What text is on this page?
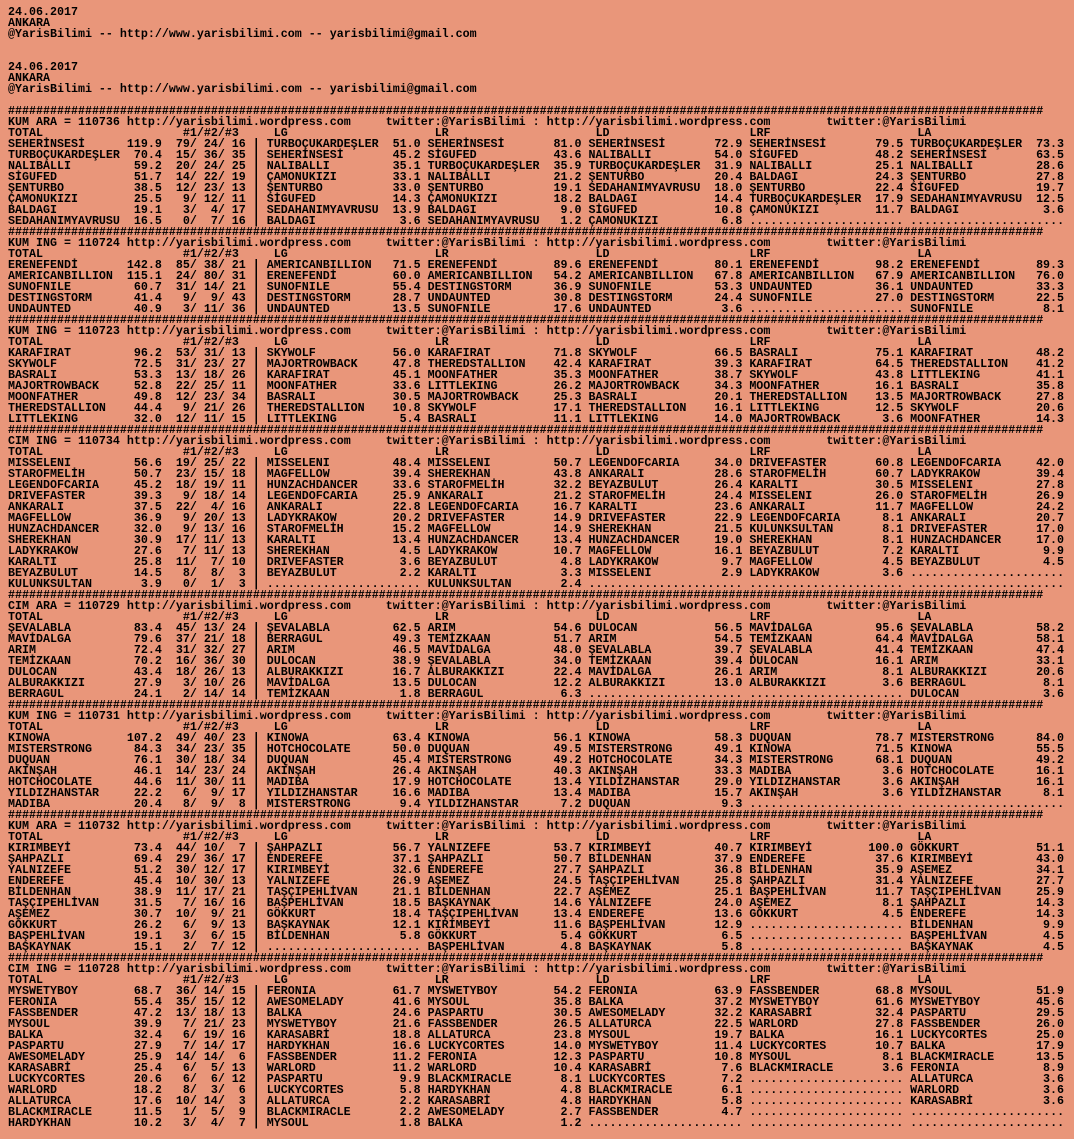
24.06.2017
ANKARA
@YarisBilimi -- http://www.yarisbilimi.com -- yarisbilimi@gmail.com
24.06.2017
ANKARA
@YarisBilimi -- http://www.yarisbilimi.com -- yarisbilimi@gmail.com
####################################################################################################################################################
KUM ARA = 110736 http://yarisbilimi.wordpress.com	twitter:@YarisBilimi : http://yarisbilimi.wordpress.com	twitter:@YarisBilimi
TOTAL	#1/#2/#3	LG	LR	LD	LRF	LA
SEHERİNSESİ	119.9 79/ 24/ 16 | TURBOÇUKARDEŞLER 51.0 SEHERİNSESİ	81.0 SEHERİNSESİ	72.9 SEHERİNSESİ	79.5 TURBOÇUKARDEŞLER 73.3
TURBOÇUKARDEŞLER 70.4 15/ 36/ 35 | SEHERİNSESİ	45.2 SİGUFED	43.6 NALIBALLI	54.0 SİGUFED	48.2 SEHERİNSESİ	63.5
NALIBALLI	59.2 20/ 24/ 25 | NALIBALLI	35.1 TURBOÇUKARDEŞLER 35.9 TURBOÇUKARDEŞLER 31.9 NALIBALLI	25.1 NALIBALLI	28.6
SİGUFED	51.7 14/ 22/ 19 | ÇAMONUKIZI	33.1 NALIBALLI	21.2 ŞENTURBO	20.4 BALDAGI	24.3 ŞENTURBO	27.8
ŞENTURBO	38.5 12/ 23/ 13 | ŞENTURBO	33.0 ŞENTURBO	19.1 SEDAHANIMYAVRUSU 18.0 ŞENTURBO	22.4 SİGUFED	19.7
ÇAMONUKIZI	25.5 9/ 12/ 11 | SİGUFED	14.3 ÇAMONUKIZI	18.2 BALDAGI	14.4 TURBOÇUKARDEŞLER 17.9 SEDAHANIMYAVRUSU 12.5
BALDAGI	19.1 3/ 4/ 17 | SEDAHANIMYAVRUSU 13.9 BALDAGI	9.0 SİGUFED	10.8 ÇAMONUKIZI	11.7 BALDAGI	3.6
SEDAHANIMYAVRUSU 16.5 0/ 7/ 16 | BALDAGI	3.6 SEDAHANIMYAVRUSU 1.2 ÇAMONUKIZI	6.8 ...................... ......................
####################################################################################################################################################
KUM ING = 110724 http://yarisbilimi.wordpress.com	twitter:@YarisBilimi : http://yarisbilimi.wordpress.com	twitter:@YarisBilimi
TOTAL	#1/#2/#3	LG	LR	LD	LRF	LA
ERENEFENDİ	142.8 85/ 38/ 21 | AMERICANBILLION 71.5 ERENEFENDİ	89.6 ERENEFENDİ	80.1 ERENEFENDİ	98.2 ERENEFENDİ	89.3
AMERICANBILLION 115.1 24/ 80/ 31 | ERENEFENDİ	60.0 AMERICANBILLION 54.2 AMERICANBILLION 67.8 AMERICANBILLION 67.9 AMERICANBILLION 76.0
SUNOFNILE	60.7 31/ 14/ 21 | SUNOFNILE	55.4 DESTINGSTORM	36.9 SUNOFNILE	53.3 UNDAUNTED	36.1 UNDAUNTED	33.3
DESTINGSTORM	41.4 9/ 9/ 43 | DESTINGSTORM	28.7 UNDAUNTED	30.8 DESTINGSTORM	24.4 SUNOFNILE	27.0 DESTINGSTORM	22.5
UNDAUNTED	40.9 3/ 11/ 36 | UNDAUNTED	13.5 SUNOFNILE	17.6 UNDAUNTED	3.6 ...................... SUNOFNILE	8.1
####################################################################################################################################################
KUM ING = 110723 http://yarisbilimi.wordpress.com	twitter:@YarisBilimi : http://yarisbilimi.wordpress.com	twitter:@YarisBilimi
TOTAL	#1/#2/#3	LG	LR	LD	LRF	LA
KARAFIRAT	96.2 53/ 31/ 13 | SKYWOLF	56.0 KARAFIRAT	71.8 SKYWOLF	66.5 BASRALI	75.1 KARAFIRAT	48.2
SKYWOLF	72.5 31/ 23/ 27 | MAJORTROWBACK	47.8 THEREDSTALLION 42.4 KARAFIRAT	39.3 KARAFIRAT	64.5 THEREDSTALLION 41.2
BASRALI	53.3 13/ 18/ 26 | KARAFIRAT	45.1 MOONFATHER	35.3 MOONFATHER	38.7 SKYWOLF	43.8 LITTLEKING	41.1
MAJORTROWBACK	52.8 22/ 25/ 11 | MOONFATHER	33.6 LITTLEKING	26.2 MAJORTROWBACK	34.3 MOONFATHER	16.1 BASRALI	35.8
MOONFATHER	49.8 12/ 23/ 34 | BASRALI	30.5 MAJORTROWBACK	25.3 BASRALI	20.1 THEREDSTALLION 13.5 MAJORTROWBACK	27.8
THEREDSTALLION 44.4 9/ 21/ 26 | THEREDSTALLION 10.8 SKYWOLF	17.1 THEREDSTALLION 16.1 LITTLEKING	12.5 SKYWOLF	20.6
LITTLEKING	32.0 12/ 11/ 15 | LITTLEKING	5.4 BASRALI	11.1 LITTLEKING	14.0 MAJORTROWBACK	3.6 MOONFATHER	14.3
####################################################################################################################################################
CIM ING = 110734 http://yarisbilimi.wordpress.com	twitter:@YarisBilimi : http://yarisbilimi.wordpress.com	twitter:@YarisBilimi
TOTAL	#1/#2/#3	LG	LR	LD	LRF	LA
MISSELENI	56.6 19/ 25/ 22 | MISSELENI	48.4 MISSELENI	50.7 LEGENDOFCARIA	34.0 DRIVEFASTER	60.8 LEGENDOFCARIA	42.0
STAROFMELİH	50.7 23/ 15/ 18 | MAGFELLOW	39.4 SHEREKHAN	43.8 ANKARALI	28.6 STAROFMELİH	60.7 LADYKRAKOW	39.4
LEGENDOFCARIA	45.2 18/ 19/ 11 | HUNZACHDANCER	33.6 STAROFMELİH	32.2 BEYAZBULUT	26.4 KARALTI	30.5 MISSELENI	27.8
DRIVEFASTER	39.3 9/ 18/ 14 | LEGENDOFCARIA	25.9 ANKARALI	21.2 STAROFMELİH	24.4 MISSELENI	26.0 STAROFMELİH	26.9
ANKARALI	37.5 22/ 4/ 16 | ANKARALI	22.8 LEGENDOFCARIA	16.7 KARALTI	23.6 ANKARALI	11.7 MAGFELLOW	24.2
MAGFELLOW	36.9 9/ 20/ 13 | LADYKRAKOW	20.2 DRIVEFASTER	14.9 DRIVEFASTER	22.9 LEGENDOFCARIA	8.1 ANKARALI	20.7
HUNZACHDANCER	32.0 9/ 13/ 16 | STAROFMELİH	15.2 MAGFELLOW	14.9 SHEREKHAN	21.5 KULUNKSULTAN	8.1 DRIVEFASTER	17.0
SHEREKHAN	30.9 17/ 11/ 13 | KARALTI	13.4 HUNZACHDANCER	13.4 HUNZACHDANCER	19.0 SHEREKHAN	8.1 HUNZACHDANCER	17.0
LADYKRAKOW	27.6 7/ 11/ 13 | SHEREKHAN	4.5 LADYKRAKOW	10.7 MAGFELLOW	16.1 BEYAZBULUT	7.2 KARALTI	9.9
KARALTI	25.8 11/ 7/ 10 | DRIVEFASTER	3.6 BEYAZBULUT	4.8 LADYKRAKOW	9.7 MAGFELLOW	4.5 BEYAZBULUT	4.5
BEYAZBULUT	14.5 8/ 8/ 3 | BEYAZBULUT	2.2 KARALTI	3.3 MISSELENI	2.9 LADYKRAKOW	3.6 ......................
KULUNKSULTAN	3.9 0/ 1/ 3 | ...................... KULUNKSULTAN	2.4 ...................... ...................... ......................
####################################################################################################################################################
CIM ARA = 110729 http://yarisbilimi.wordpress.com	twitter:@YarisBilimi : http://yarisbilimi.wordpress.com	twitter:@YarisBilimi
TOTAL	#1/#2/#3	LG	LR	LD	LRF	LA
ŞEVALABLA	83.4 45/ 13/ 24 | ŞEVALABLA	62.5 ARIM	54.6 DULOCAN	56.5 MAVİDALGA	95.6 ŞEVALABLA	58.2
MAVİDALGA	79.6 37/ 21/ 18 | BERRAGUL	49.3 TEMİZKAAN	51.7 ARIM	54.5 TEMİZKAAN	64.4 MAVİDALGA	58.1
ARIM	72.4 31/ 32/ 27 | ARIM	46.5 MAVİDALGA	48.0 ŞEVALABLA	39.7 ŞEVALABLA	41.4 TEMİZKAAN	47.4
TEMİZKAAN	70.2 16/ 36/ 30 | DULOCAN	38.9 ŞEVALABLA	34.0 TEMİZKAAN	39.4 DULOCAN	16.1 ARIM	33.1
DULOCAN	43.4 18/ 26/ 13 | ALBURAKKIZI	16.7 ALBURAKKIZI	22.4 MAVİDALGA	26.1 ARIM	8.1 ALBURAKKIZI	20.6
ALBURAKKIZI	27.9 3/ 10/ 26 | MAVİDALGA	13.5 DULOCAN	12.2 ALBURAKKIZI	13.0 ALBURAKKIZI	3.6 BERRAGUL	8.1
BERRAGUL	24.1 2/ 14/ 14 | TEMİZKAAN	1.8 BERRAGUL	6.3 ...................... ...................... DULOCAN	3.6
####################################################################################################################################################
KUM ING = 110731 http://yarisbilimi.wordpress.com	twitter:@YarisBilimi : http://yarisbilimi.wordpress.com	twitter:@YarisBilimi
TOTAL	#1/#2/#3	LG	LR	LD	LRF	LA
KINOWA	107.2 49/ 40/ 23 | KINOWA	63.4 KINOWA	56.1 KINOWA	58.3 DUQUAN	78.7 MISTERSTRONG	84.0
MISTERSTRONG	84.3 34/ 23/ 35 | HOTCHOCOLATE	50.0 DUQUAN	49.5 MISTERSTRONG	49.1 KINOWA	71.5 KINOWA	55.5
DUQUAN	76.1 30/ 18/ 34 | DUQUAN	45.4 MISTERSTRONG	49.2 HOTCHOCOLATE	34.3 MISTERSTRONG	68.1 DUQUAN	49.2
AKINŞAH	46.1 14/ 23/ 24 | AKINŞAH	26.4 AKINŞAH	40.3 AKINŞAH	33.3 MADIBA	3.6 HOTCHOCOLATE	16.1
HOTCHOCOLATE	44.6 11/ 30/ 11 | MADIBA	17.9 HOTCHOCOLATE	13.4 YILDIZHANSTAR	29.0 YILDIZHANSTAR	3.6 AKINŞAH	16.1
YILDIZHANSTAR	22.2 6/ 9/ 17 | YILDIZHANSTAR	16.6 MADIBA	13.4 MADIBA	15.7 AKINŞAH	3.6 YILDIZHANSTAR	8.1
MADIBA	20.4 8/ 9/ 8 | MISTERSTRONG	9.4 YILDIZHANSTAR	7.2 DUQUAN	9.3 ...................... ......................
####################################################################################################################################################
KUM ARA = 110732 http://yarisbilimi.wordpress.com	twitter:@YarisBilimi : http://yarisbilimi.wordpress.com	twitter:@YarisBilimi
TOTAL	#1/#2/#3	LG	LR	LD	LRF	LA
KIRIMBEYİ	73.4 44/ 10/ 7 | ŞAHPAZLI	56.7 YALNIZEFE	53.7 KIRIMBEYİ	40.7 KIRIMBEYİ	100.0 GÖKKURT	51.1
ŞAHPAZLI	69.4 29/ 36/ 17 | ENDEREFE	37.1 ŞAHPAZLI	50.7 BİLDENHAN	37.9 ENDEREFE	37.6 KIRIMBEYİ	43.0
YALNIZEFE	51.2 30/ 12/ 17 | KIRIMBEYİ	32.6 ENDEREFE	27.7 ŞAHPAZLI	36.8 BİLDENHAN	35.9 AŞEMEZ	34.1
ENDEREFE	45.4 10/ 30/ 13 | YALNIZEFE	26.9 AŞEMEZ	24.5 TAŞÇIPEHLİVAN	25.8 ŞAHPAZLI	31.4 YALNIZEFE	27.7
BİLDENHAN	38.9 11/ 17/ 21 | TAŞÇIPEHLİVAN	21.1 BİLDENHAN	22.7 AŞEMEZ	25.1 BAŞPEHLİVAN	11.7 TAŞÇIPEHLİVAN	25.9
TAŞÇIPEHLİVAN	31.5 7/ 16/ 16 | BAŞPEHLİVAN	18.5 BAŞKAYNAK	14.6 YALNIZEFE	24.0 AŞEMEZ	8.1 ŞAHPAZLI	14.3
AŞEMEZ	30.7 10/ 9/ 21 | GÖKKURT	18.4 TAŞÇIPEHLİVAN	13.4 ENDEREFE	13.6 GÖKKURT	4.5 ENDEREFE	14.3
GÖKKURT	26.2 6/ 9/ 13 | BAŞKAYNAK	12.1 KIRIMBEYİ	11.6 BAŞPEHLİVAN	12.9 ...................... BİLDENHAN	9.9
BAŞPEHLİVAN	19.1 3/ 6/ 15 | BİLDENHAN	5.8 GÖKKURT	5.4 GÖKKURT	6.5 ...................... BAŞPEHLİVAN	4.5
BAŞKAYNAK	15.1 2/ 7/ 12 | ...................... BAŞPEHLİVAN	4.8 BAŞKAYNAK	5.8 ...................... BAŞKAYNAK	4.5
####################################################################################################################################################
CIM ING = 110728 http://yarisbilimi.wordpress.com	twitter:@YarisBilimi : http://yarisbilimi.wordpress.com	twitter:@YarisBilimi
TOTAL	#1/#2/#3	LG	LR	LD	LRF	LA
MYSWETYBOY	68.7 36/ 14/ 15 | FERONIA	61.7 MYSWETYBOY	54.2 FERONIA	63.9 FASSBENDER	68.8 MYSOUL	51.9
FERONIA	55.4 35/ 15/ 12 | AWESOMELADY	41.6 MYSOUL	35.8 BALKA	37.2 MYSWETYBOY	61.6 MYSWETYBOY	45.6
FASSBENDER	47.2 13/ 18/ 13 | BALKA	24.6 PASPARTU	30.5 AWESOMELADY	32.2 KARASABRİ	32.4 PASPARTU	29.5
MYSOUL	39.9 7/ 21/ 23 | MYSWETYBOY	21.6 FASSBENDER	26.5 ALLATURCA	22.5 WARLORD	27.8 FASSBENDER	26.0
BALKA	32.4 6/ 19/ 16 | KARASABRİ	18.8 ALLATURCA	23.8 MYSOUL	19.7 BALKA	16.1 LUCKYCORTES	25.0
PASPARTU	27.9 7/ 14/ 17 | HARDYKHAN	16.6 LUCKYCORTES	14.0 MYSWETYBOY	11.4 LUCKYCORTES	10.7 BALKA	17.9
AWESOMELADY	25.9 14/ 14/ 6 | FASSBENDER	11.2 FERONIA	12.3 PASPARTU	10.8 MYSOUL	8.1 BLACKMIRACLE	13.5
KARASABRİ	25.4 6/ 5/ 13 | WARLORD	11.2 WARLORD	10.4 KARASABRİ	7.6 BLACKMIRACLE	3.6 FERONIA	8.9
LUCKYCORTES	20.6 6/ 6/ 12 | PASPARTU	9.9 BLACKMIRACLE	8.1 LUCKYCORTES	7.2 ...................... ALLATURCA	3.6
WARLORD	18.2 8/ 3/ 6 | LUCKYCORTES	5.8 HARDYKHAN	4.8 BLACKMIRACLE	6.1 ...................... WARLORD	3.6
ALLATURCA	17.6 10/ 14/ 3 | ALLATURCA	2.2 KARASABRİ	4.8 HARDYKHAN	5.8 ...................... KARASABRİ	3.6
BLACKMIRACLE	11.5 1/ 5/ 9 | BLACKMIRACLE	2.2 AWESOMELADY	2.7 FASSBENDER	4.7 ...................... ......................
HARDYKHAN	10.2 3/ 4/ 7 | MYSOUL	1.8 BALKA	1.2 ...................... ...................... ......................
